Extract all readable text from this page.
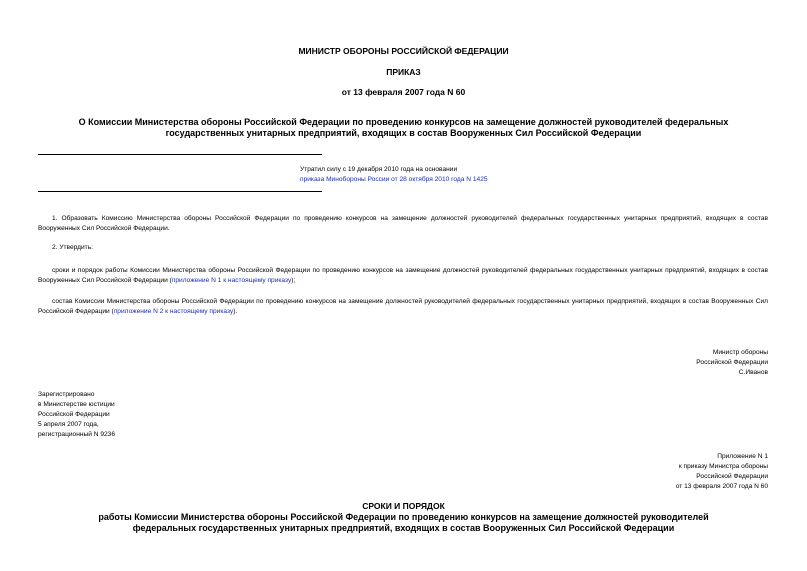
МИНИСТР ОБОРОНЫ РОССИЙСКОЙ ФЕДЕРАЦИИ
ПРИКАЗ
от 13 февраля 2007 года N 60
О Комиссии Министерства обороны Российской Федерации по проведению конкурсов на замещение должностей руководителей федеральных государственных унитарных предприятий, входящих в состав Вооруженных Сил Российской Федерации
Утратил силу с 19 декабря 2010 года на основании
приказа Минобороны России от 28 октября 2010 года N 1425
1. Образовать Комиссию Министерства обороны Российской Федерации по проведению конкурсов на замещение должностей руководителей федеральных государственных унитарных предприятий, входящих в состав Вооруженных Сил Российской Федерации.
2. Утвердить:
сроки и порядок работы Комиссии Министерства обороны Российской Федерации по проведению конкурсов на замещение должностей руководителей федеральных государственных унитарных предприятий, входящих в состав Вооруженных Сил Российской Федерации (приложение N 1 к настоящему приказу);
состав Комиссии Министерства обороны Российской Федерации по проведению конкурсов на замещение должностей руководителей федеральных государственных унитарных предприятий, входящих в состав Вооруженных Сил Российской Федерации (приложение N 2 к настоящему приказу).
Министр обороны
Российской Федерации
С.Иванов
Зарегистрировано
в Министерстве юстиции
Российской Федерации
5 апреля 2007 года,
регистрационный N 9236
Приложение N 1
к приказу Министра обороны
Российской Федерации
от 13 февраля 2007 года N 60
СРОКИ И ПОРЯДОК
работы Комиссии Министерства обороны Российской Федерации по проведению конкурсов на замещение должностей руководителей федеральных государственных унитарных предприятий, входящих в состав Вооруженных Сил Российской Федерации
